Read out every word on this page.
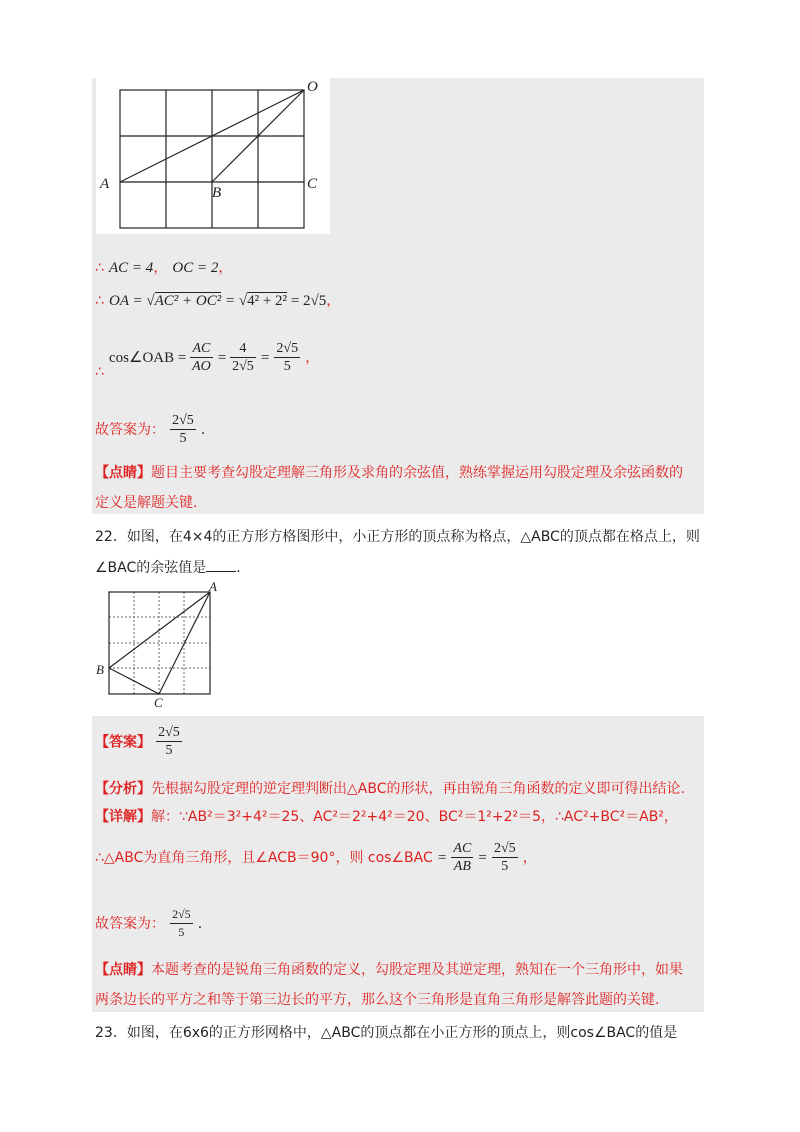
O
A
B
C
∴ AC = 4， OC = 2，
∴ OA = √AC² + OC² = √4² + 2² = 2√5，
∴ cos∠OAB = $\frac{AC}{AO} = \frac{4}{2√5} = \frac{2√5}{5}$ ，
故答案为： $\frac{2√5}{5}$ .
【点睛】题目主要考查勾股定理解三角形及求角的余弦值，熟练掌握运用勾股定理及余弦函数的
定义是解题关键.
22．如图，在4×4的正方形方格图形中，小正方形的顶点称为格点，△ABC的顶点都在格点上，则
∠BAC的余弦值是 .
A
B
C
【答案】 $\frac{2√5}{5}$
【分析】先根据勾股定理的逆定理判断出△ABC的形状，再由锐角三角函数的定义即可得出结论.
【详解】解：∵AB²＝3²+4²＝25、AC²＝2²+4²＝20、BC²＝1²+2²＝5，∴AC²+BC²＝AB²，
∴△ABC为直角三角形，且∠ACB＝90°，则 cos∠BAC = $\frac{AC}{AB} = \frac{2√5}{5}$ ，
故答案为： $\frac{2√5}{5}$ .
【点睛】本题考查的是锐角三角函数的定义，勾股定理及其逆定理，熟知在一个三角形中，如果
两条边长的平方之和等于第三边长的平方，那么这个三角形是直角三角形是解答此题的关键.
23．如图，在6x6的正方形网格中，△ABC的顶点都在小正方形的顶点上，则cos∠BAC的值是
